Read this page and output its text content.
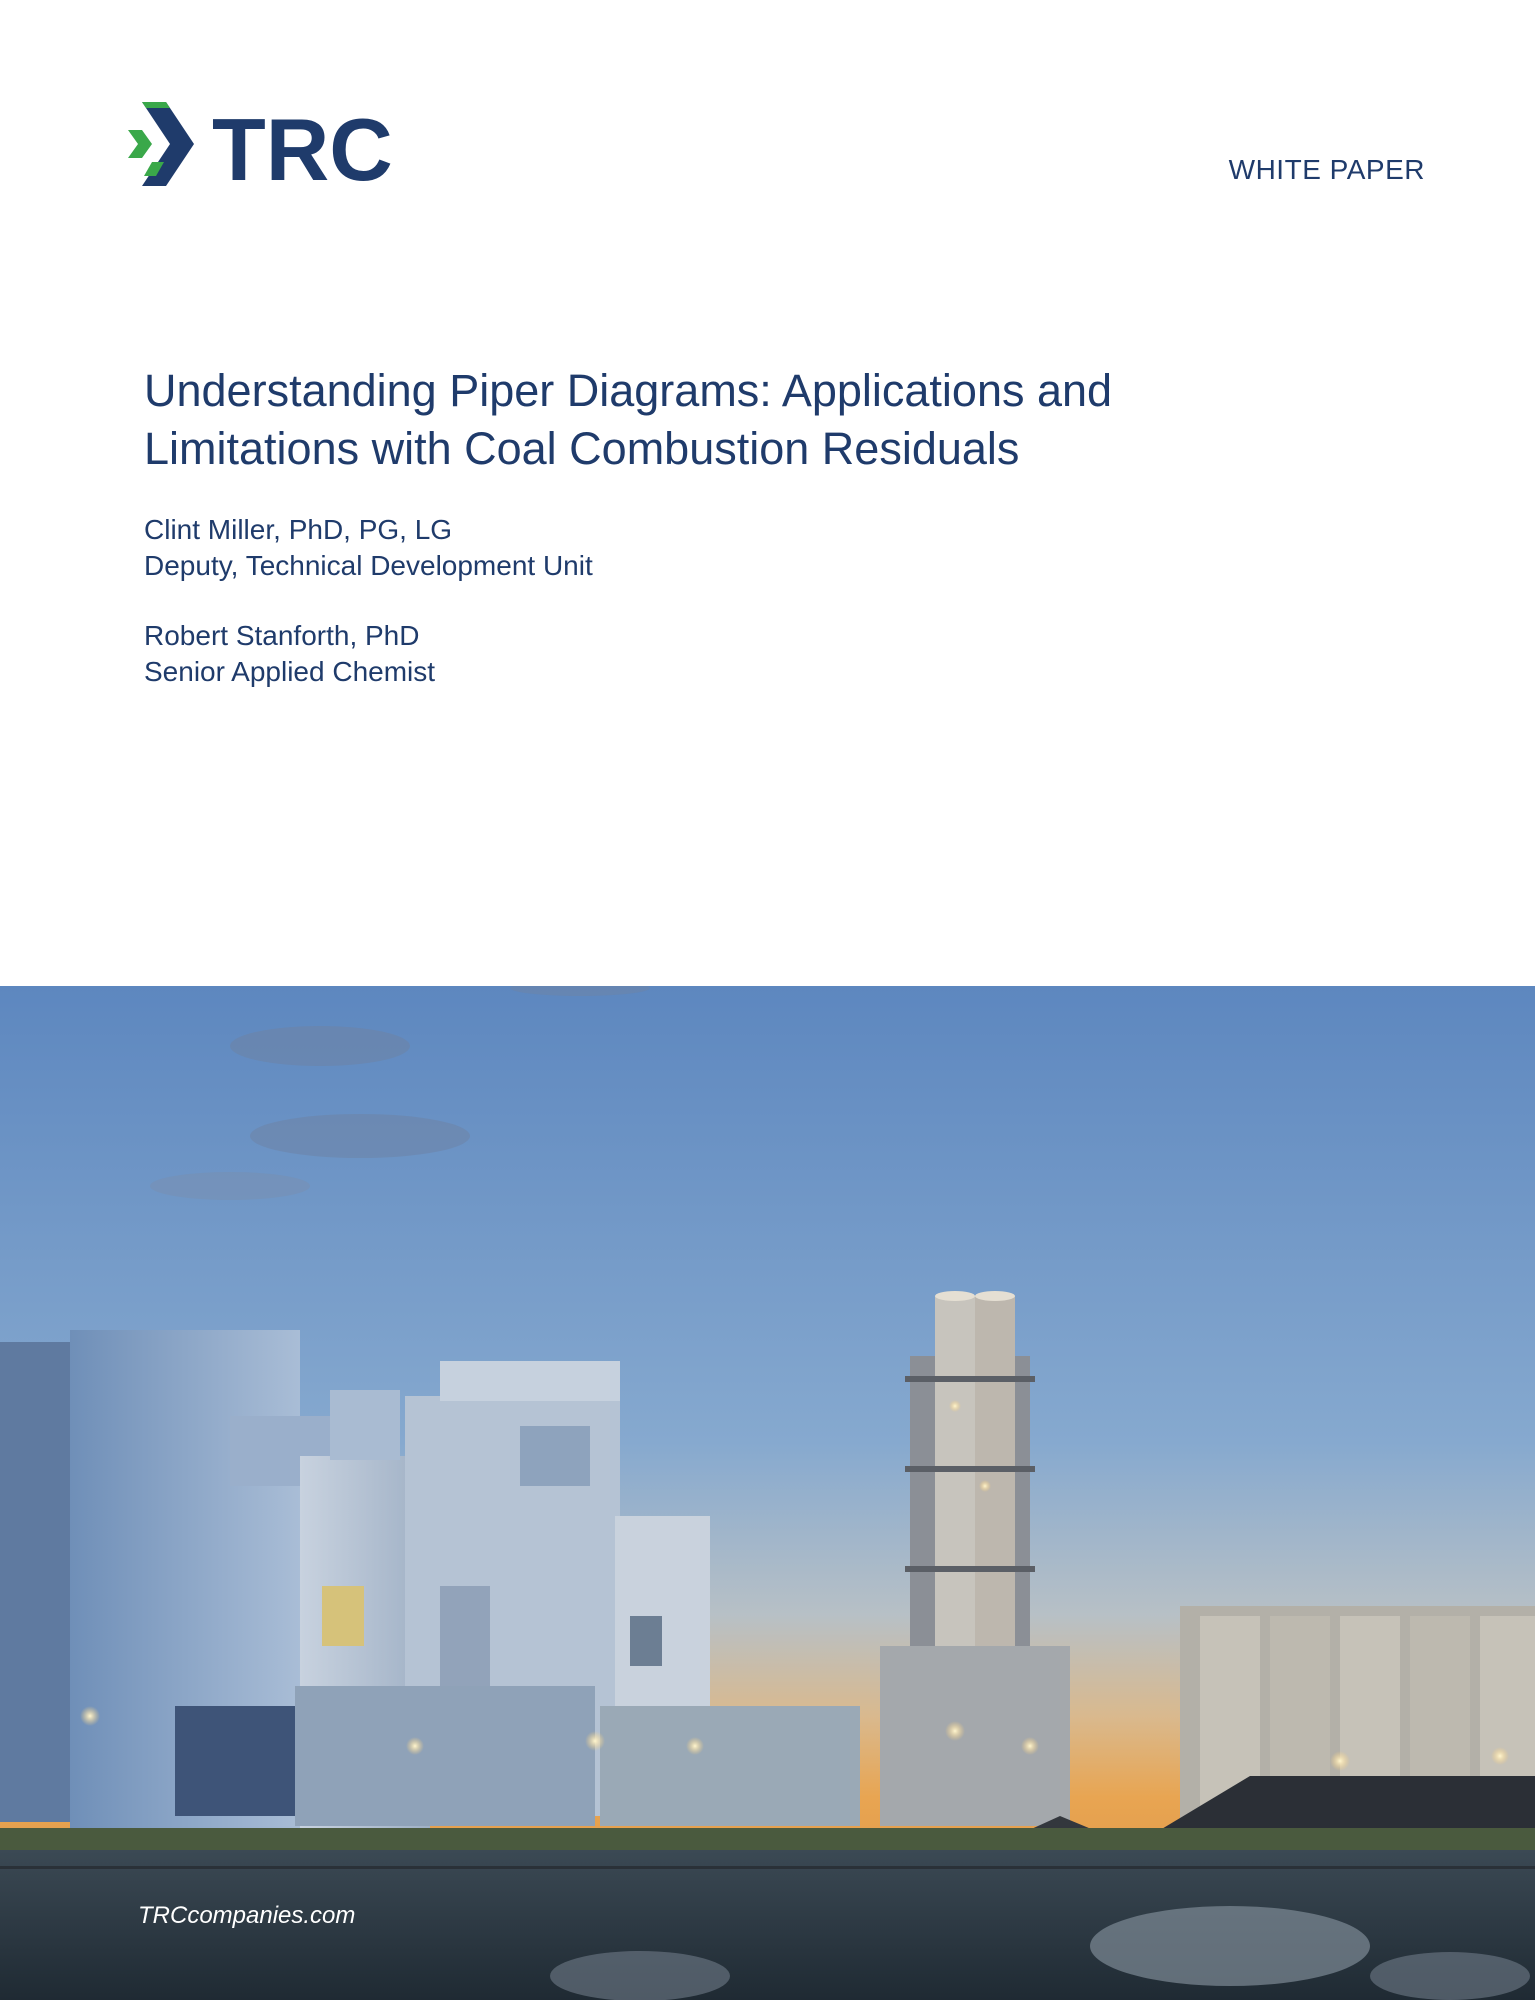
TRC	WHITE PAPER
Understanding Piper Diagrams: Applications and
Limitations with Coal Combustion Residuals
Clint Miller, PhD, PG, LG
Deputy, Technical Development Unit
Robert Stanforth, PhD
Senior Applied Chemist
TRCcompanies.com
